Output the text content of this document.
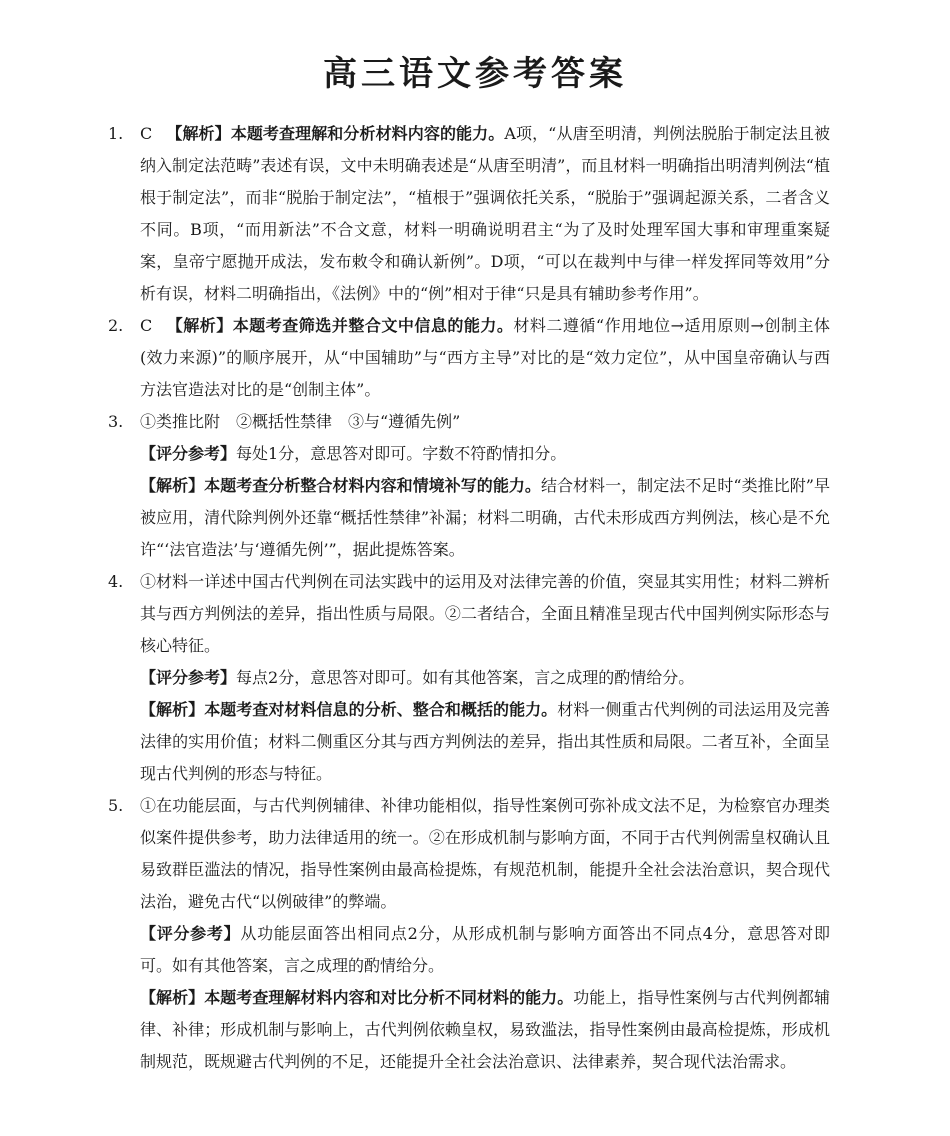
高三语文参考答案
1.	C 【解析】本题考查理解和分析材料内容的能力。A项，“从唐至明清，判例法脱胎于制定法且被纳入制定法范畴”表述有误，文中未明确表述是“从唐至明清”，而且材料一明确指出明清判例法“植根于制定法”，而非“脱胎于制定法”，“植根于”强调依托关系，“脱胎于”强调起源关系，二者含义不同。B项，“而用新法”不合文意，材料一明确说明君主“为了及时处理军国大事和审理重案疑案，皇帝宁愿抛开成法，发布敕令和确认新例”。D项，“可以在裁判中与律一样发挥同等效用”分析有误，材料二明确指出，《法例》中的“例”相对于律“只是具有辅助参考作用”。

2.	C 【解析】本题考查筛选并整合文中信息的能力。材料二遵循“作用地位→适用原则→创制主体(效力来源)”的顺序展开，从“中国辅助”与“西方主导”对比的是“效力定位”，从中国皇帝确认与西方法官造法对比的是“创制主体”。

3.	①类推比附　②概括性禁律　③与“遵循先例”

【评分参考】每处1分，意思答对即可。字数不符酌情扣分。

【解析】本题考查分析整合材料内容和情境补写的能力。结合材料一，制定法不足时“类推比附”早被应用，清代除判例外还靠“概括性禁律”补漏；材料二明确，古代未形成西方判例法，核心是不允许“‘法官造法’与‘遵循先例’”，据此提炼答案。

4.	①材料一详述中国古代判例在司法实践中的运用及对法律完善的价值，突显其实用性；材料二辨析其与西方判例法的差异，指出性质与局限。②二者结合，全面且精准呈现古代中国判例实际形态与核心特征。

【评分参考】每点2分，意思答对即可。如有其他答案，言之成理的酌情给分。

【解析】本题考查对材料信息的分析、整合和概括的能力。材料一侧重古代判例的司法运用及完善法律的实用价值；材料二侧重区分其与西方判例法的差异，指出其性质和局限。二者互补，全面呈现古代判例的形态与特征。

5.	①在功能层面，与古代判例辅律、补律功能相似，指导性案例可弥补成文法不足，为检察官办理类似案件提供参考，助力法律适用的统一。②在形成机制与影响方面，不同于古代判例需皇权确认且易致群臣滥法的情况，指导性案例由最高检提炼，有规范机制，能提升全社会法治意识，契合现代法治，避免古代“以例破律”的弊端。

【评分参考】从功能层面答出相同点2分，从形成机制与影响方面答出不同点4分，意思答对即可。如有其他答案，言之成理的酌情给分。

【解析】本题考查理解材料内容和对比分析不同材料的能力。功能上，指导性案例与古代判例都辅律、补律；形成机制与影响上，古代判例依赖皇权，易致滥法，指导性案例由最高检提炼，形成机制规范，既规避古代判例的不足，还能提升全社会法治意识、法律素养，契合现代法治需求。
